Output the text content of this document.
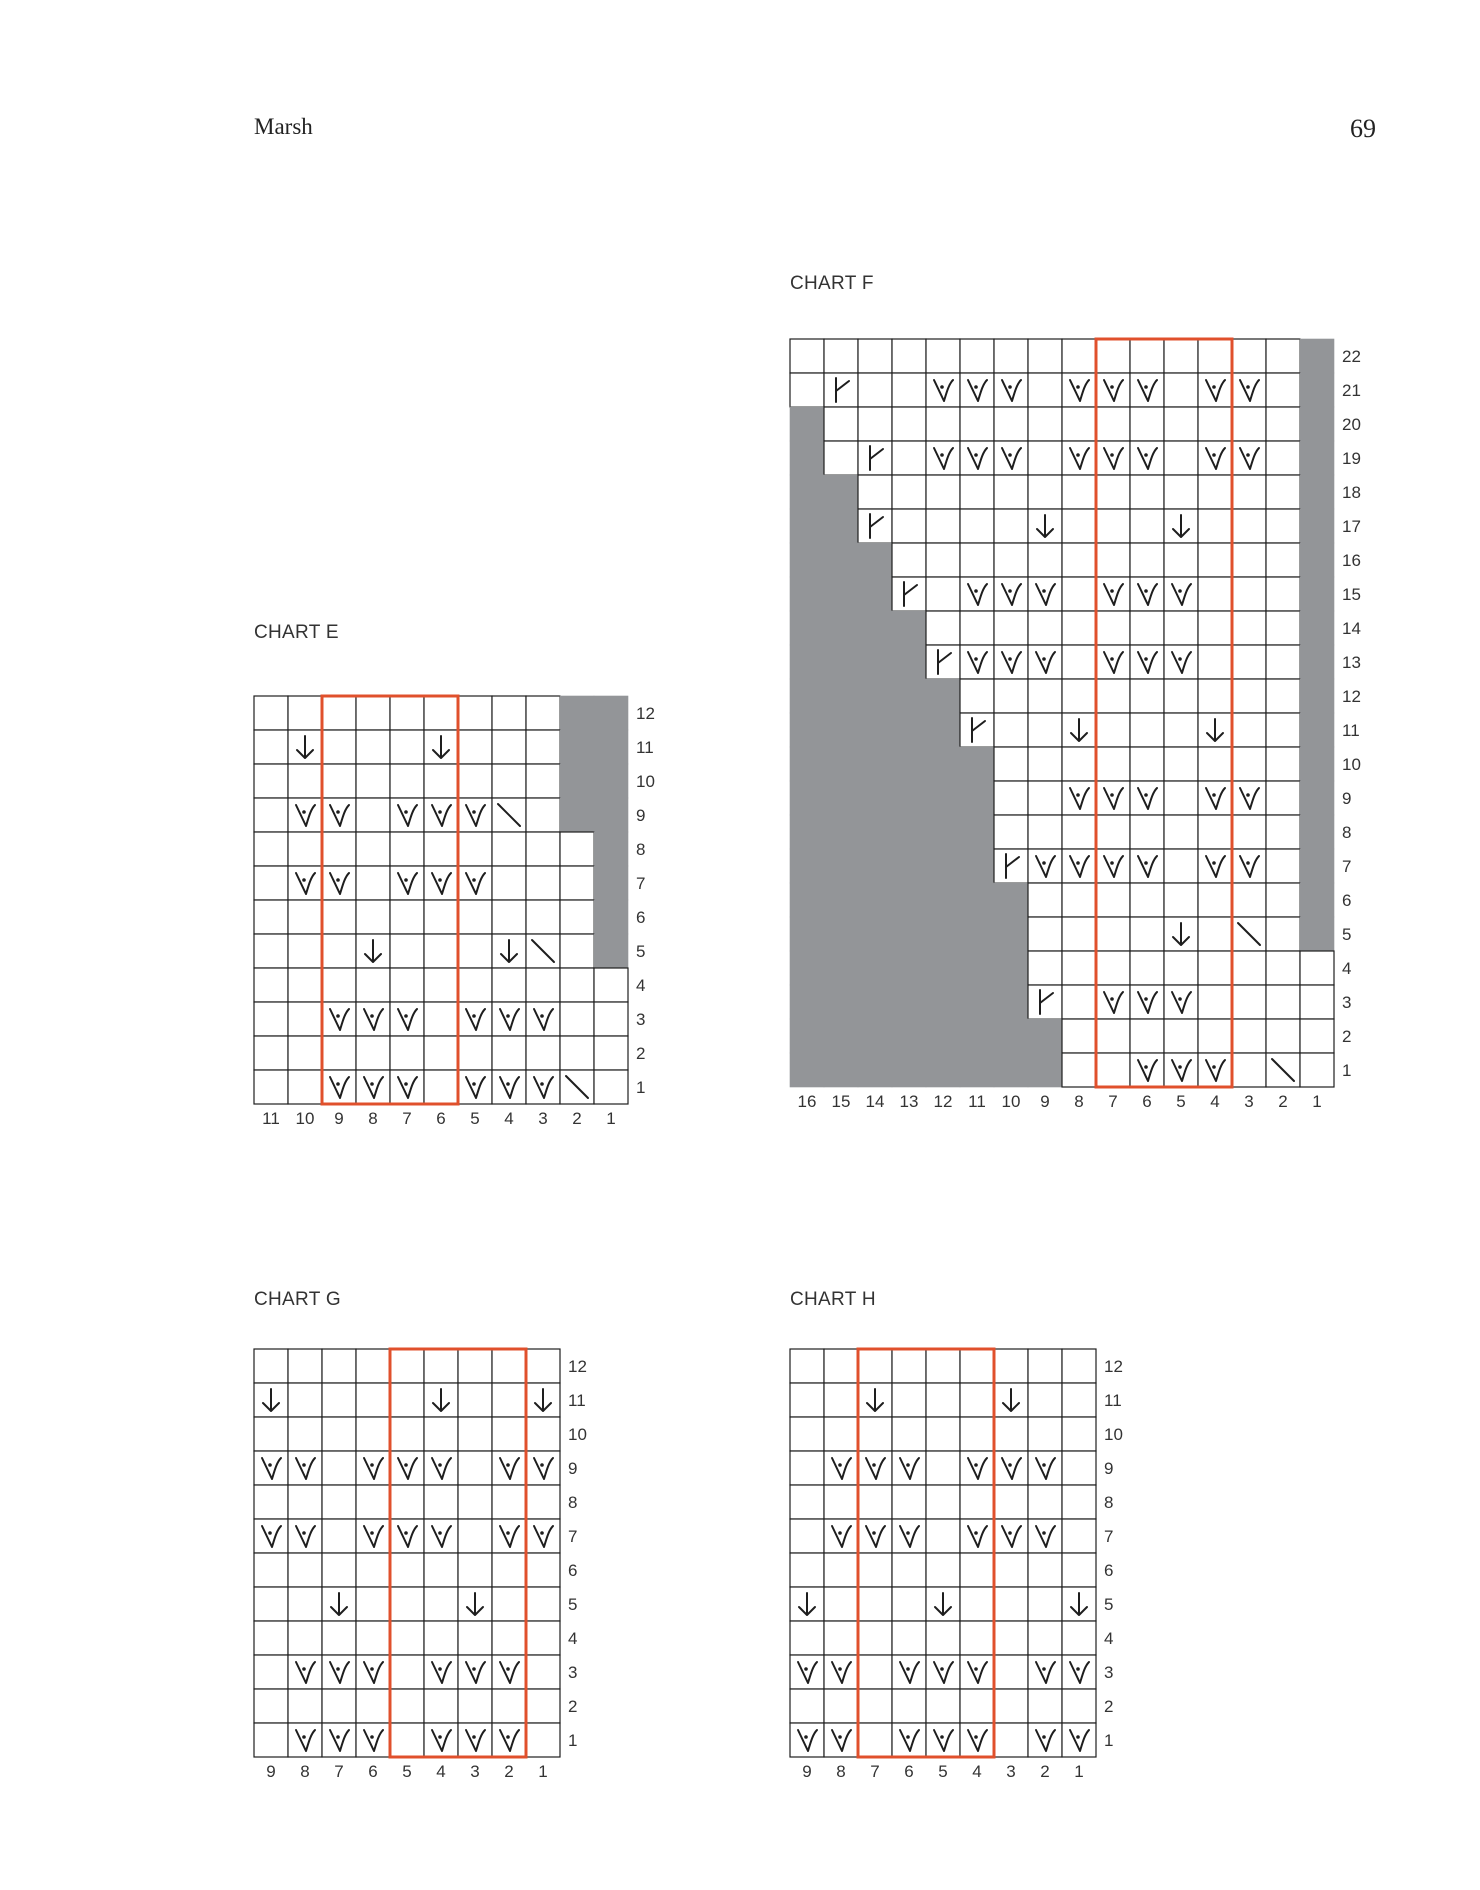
Marsh	69
CHART E
12
11
10
9
8
7
6
5
4
3
2
1
11 10 9 8 7 6 5 4 3 2 1
CHART F
22
21
20
19
18
17
16
15
14
13
12
11
10
9
8
7
6
5
4
3
2
1
16 15 14 13 12 11 10 9 8 7 6 5 4 3 2 1
CHART G
12
11
10
9
8
7
6
5
4
3
2
1
9 8 7 6 5 4 3 2 1
CHART H
12
11
10
9
8
7
6
5
4
3
2
1
9 8 7 6 5 4 3 2 1
